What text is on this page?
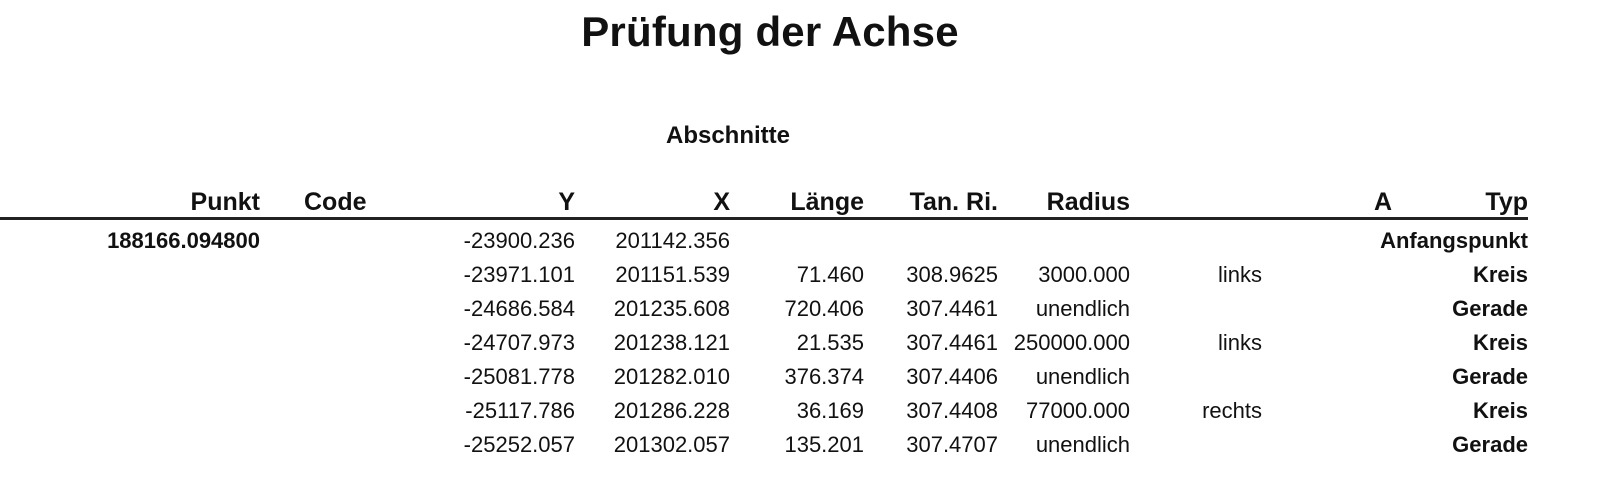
Prüfung der Achse
Abschnitte
Punkt Code	Y	X Länge Tan. Ri. Radius	A	Typ
188166.094800	-23900.236 201142.356	Anfangspunkt
-23971.101 201151.539	71.460 308.9625 3000.000	links	Kreis
-24686.584 201235.608 720.406 307.4461 unendlich	Gerade
-24707.973 201238.121	21.535 307.4461 250000.000	links	Kreis
-25081.778 201282.010 376.374 307.4406 unendlich	Gerade
-25117.786 201286.228	36.169 307.4408 77000.000	rechts	Kreis
-25252.057 201302.057 135.201 307.4707 unendlich	Gerade
